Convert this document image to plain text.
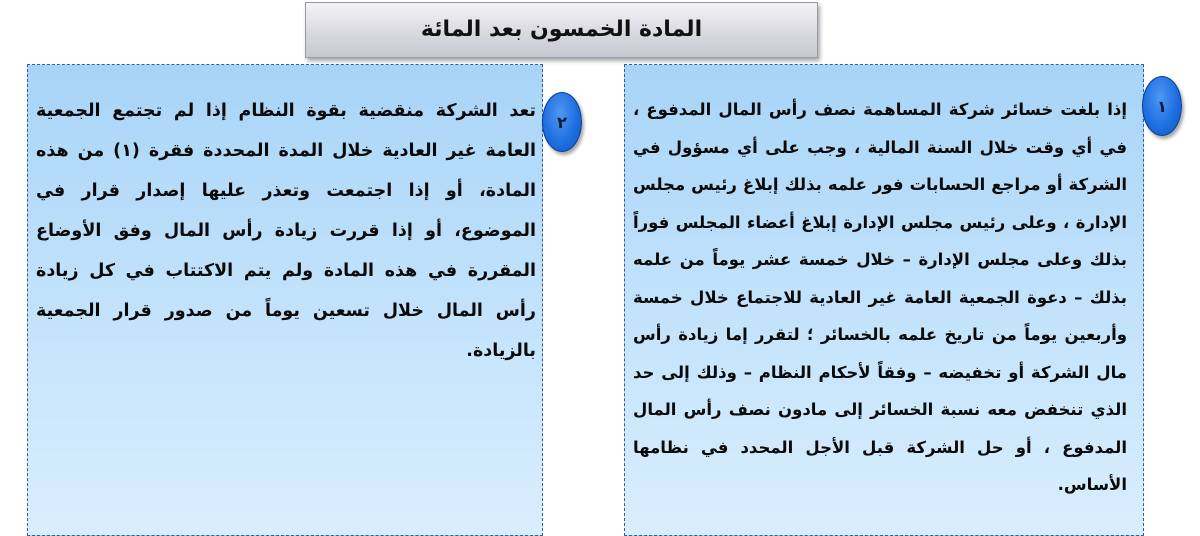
المادة الخمسون بعد المائة

تعد الشركة منقضية بقوة النظام إذا لم تجتمع الجمعية العامة غير العادية خلال المدة المحددة فقرة (١) من هذه المادة، أو إذا اجتمعت وتعذر عليها إصدار قرار في الموضوع، أو إذا قررت زيادة رأس المال وفق الأوضاع المقررة في هذه المادة ولم يتم الاكتتاب في كل زيادة رأس المال خلال تسعين يوماً من صدور قرار الجمعية بالزيادة.

إذا بلغت خسائر شركة المساهمة نصف رأس المال المدفوع ، في أي وقت خلال السنة المالية ، وجب على أي مسؤول في الشركة أو مراجع الحسابات فور علمه بذلك إبلاغ رئيس مجلس الإدارة ، وعلى رئيس مجلس الإدارة إبلاغ أعضاء المجلس فوراً بذلك وعلى مجلس الإدارة – خلال خمسة عشر يوماً من علمه بذلك – دعوة الجمعية العامة غير العادية للاجتماع خلال خمسة وأربعين يوماً من تاريخ علمه بالخسائر ؛ لتقرر إما زيادة رأس مال الشركة أو تخفيضه – وفقاً لأحكام النظام – وذلك إلى حد الذي تنخفض معه نسبة الخسائر إلى مادون نصف رأس المال المدفوع ، أو حل الشركة قبل الأجل المحدد في نظامها الأساس.

٢
١
